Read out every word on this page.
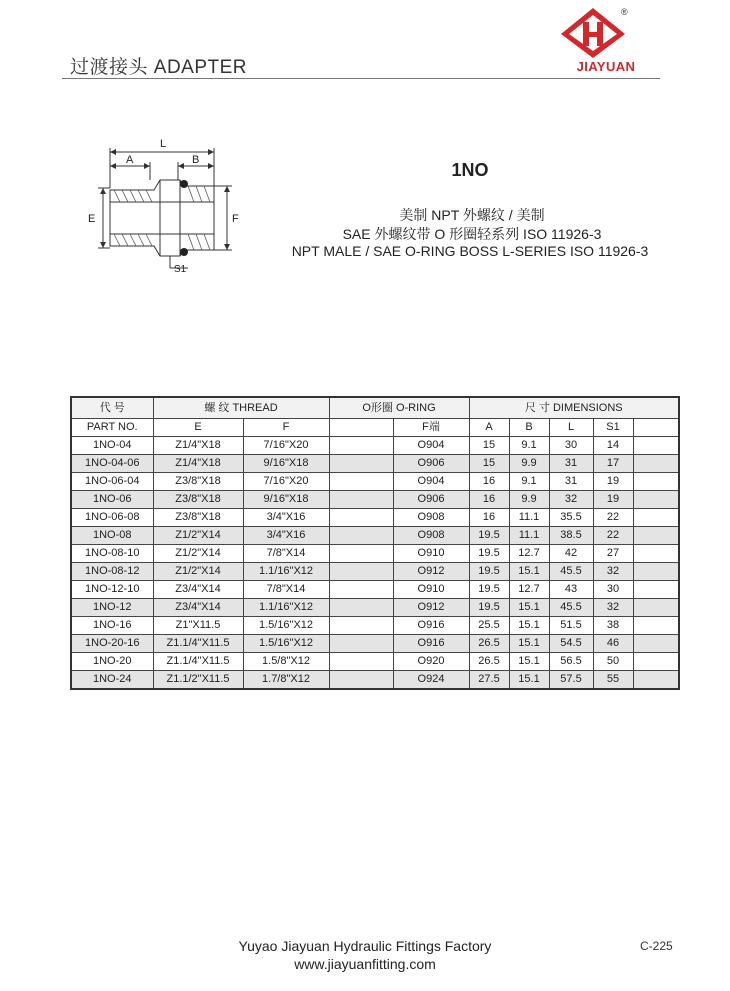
过渡接头 ADAPTER
®
JIAYUAN
L
A	B
E	F
S1
1NO
美制 NPT 外螺纹 / 美制
SAE 外螺纹带 O 形圈轻系列 ISO 11926-3
NPT MALE / SAE O-RING BOSS L-SERIES ISO 11926-3
代 号	螺 纹 THREAD		O形圈 O-RING		尺 寸 DIMENSIONS				
PART NO.	E	F		F端	A	B	L	S1	
1NO-04	Z1/4"X18	7/16"X20		O904	15	9.1	30	14	
1NO-04-06	Z1/4"X18	9/16"X18		O906	15	9.9	31	17	
1NO-06-04	Z3/8"X18	7/16"X20		O904	16	9.1	31	19	
1NO-06	Z3/8"X18	9/16"X18		O906	16	9.9	32	19	
1NO-06-08	Z3/8"X18	3/4"X16		O908	16	11.1	35.5	22	
1NO-08	Z1/2"X14	3/4"X16		O908	19.5	11.1	38.5	22	
1NO-08-10	Z1/2"X14	7/8"X14		O910	19.5	12.7	42	27	
1NO-08-12	Z1/2"X14	1.1/16"X12		O912	19.5	15.1	45.5	32	
1NO-12-10	Z3/4"X14	7/8"X14		O910	19.5	12.7	43	30	
1NO-12	Z3/4"X14	1.1/16"X12		O912	19.5	15.1	45.5	32	
1NO-16	Z1"X11.5	1.5/16"X12		O916	25.5	15.1	51.5	38	
1NO-20-16	Z1.1/4"X11.5	1.5/16"X12		O916	26.5	15.1	54.5	46	
1NO-20	Z1.1/4"X11.5	1.5/8"X12		O920	26.5	15.1	56.5	50	
1NO-24	Z1.1/2"X11.5	1.7/8"X12		O924	27.5	15.1	57.5	55	
Yuyao Jiayuan Hydraulic Fittings Factory
www.jiayuanfitting.com
C-225
